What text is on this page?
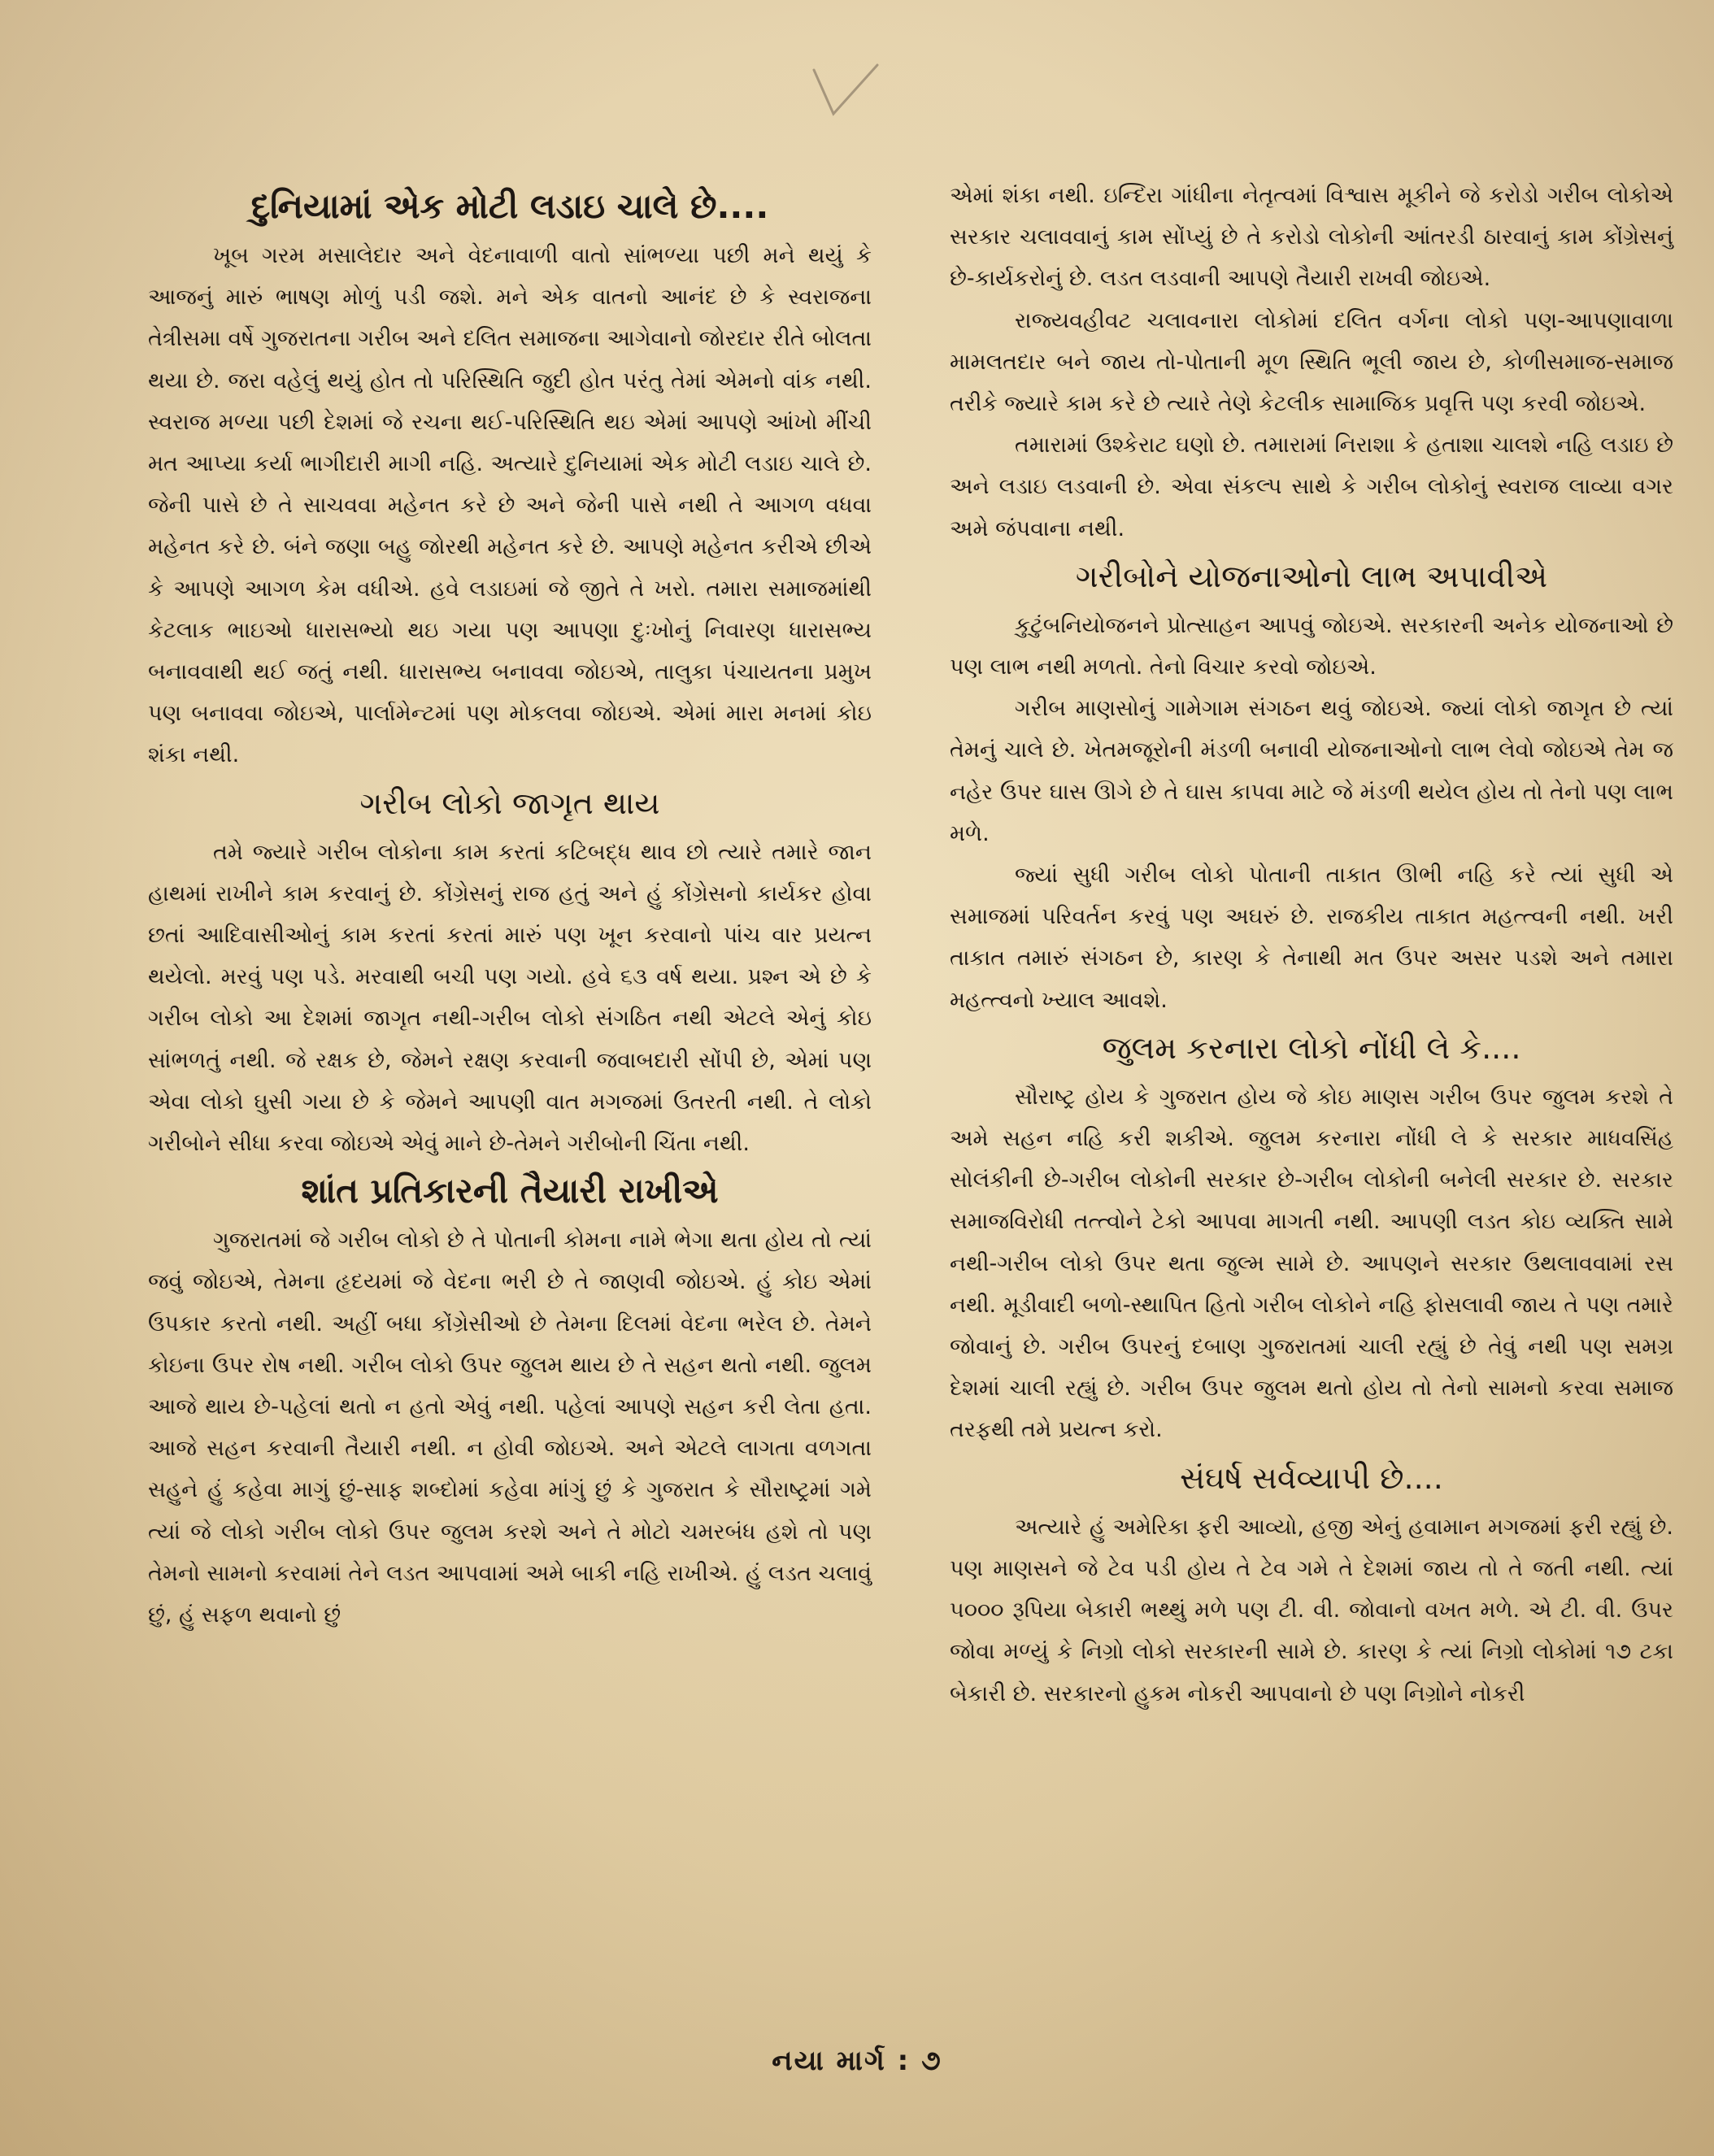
દુનિયામાં એક મોટી લડાઇ ચાલે છે....

ખૂબ ગરમ મસાલેદાર અને વેદનાવાળી વાતો સાંભળ્યા પછી મને થયું કે આજનું મારું ભાષણ મોળું પડી જશે. મને એક વાતનો આનંદ છે કે સ્વરાજના તેત્રીસમા વર્ષે ગુજરાતના ગરીબ અને દલિત સમાજના આગેવાનો જોરદાર રીતે બોલતા થયા છે. જરા વહેલું થયું હોત તો પરિસ્થિતિ જુદી હોત પરંતુ તેમાં એમનો વાંક નથી. સ્વરાજ મળ્યા પછી દેશમાં જે રચના થઈ-પરિસ્થિતિ થઇ એમાં આપણે આંખો મીંચી મત આપ્યા કર્યા ભાગીદારી માગી નહિ. અત્યારે દુનિયામાં એક મોટી લડાઇ ચાલે છે. જેની પાસે છે તે સાચવવા મહેનત કરે છે અને જેની પાસે નથી તે આગળ વધવા મહેનત કરે છે. બંને જણા બહુ જોરથી મહેનત કરે છે. આપણે મહેનત કરીએ છીએ કે આપણે આગળ કેમ વધીએ. હવે લડાઇમાં જે જીતે તે ખરો. તમારા સમાજમાંથી કેટલાક ભાઇઓ ધારાસભ્યો થઇ ગયા પણ આપણા દુઃખોનું નિવારણ ધારાસભ્ય બનાવવાથી થઈ જતું નથી. ધારાસભ્ય બનાવવા જોઇએ, તાલુકા પંચાયતના પ્રમુખ પણ બનાવવા જોઇએ, પાર્લામેન્ટમાં પણ મોકલવા જોઇએ. એમાં મારા મનમાં કોઇ શંકા નથી.

ગરીબ લોકો જાગૃત થાય

તમે જ્યારે ગરીબ લોકોના કામ કરતાં કટિબદ્ધ થાવ છો ત્યારે તમારે જાન હાથમાં રાખીને કામ કરવાનું છે. કોંગ્રેસનું રાજ હતું અને હું કોંગ્રેસનો કાર્યકર હોવા છતાં આદિવાસીઓનું કામ કરતાં કરતાં મારું પણ ખૂન કરવાનો પાંચ વાર પ્રયત્ન થયેલો. મરવું પણ પડે. મરવાથી બચી પણ ગયો. હવે ૬૩ વર્ષ થયા. પ્રશ્ન એ છે કે ગરીબ લોકો આ દેશમાં જાગૃત નથી-ગરીબ લોકો સંગઠિત નથી એટલે એનું કોઇ સાંભળતું નથી. જે રક્ષક છે, જેમને રક્ષણ કરવાની જવાબદારી સોંપી છે, એમાં પણ એવા લોકો ઘુસી ગયા છે કે જેમને આપણી વાત મગજમાં ઉતરતી નથી. તે લોકો ગરીબોને સીધા કરવા જોઇએ એવું માને છે-તેમને ગરીબોની ચિંતા નથી.

શાંત પ્રતિકારની તૈયારી રાખીએ

ગુજરાતમાં જે ગરીબ લોકો છે તે પોતાની કોમના નામે ભેગા થતા હોય તો ત્યાં જવું જોઇએ, તેમના હૃદયમાં જે વેદના ભરી છે તે જાણવી જોઇએ. હું કોઇ એમાં ઉપકાર કરતો નથી. અહીં બધા કોંગ્રેસીઓ છે તેમના દિલમાં વેદના ભરેલ છે. તેમને કોઇના ઉપર રોષ નથી. ગરીબ લોકો ઉપર જુલમ થાય છે તે સહન થતો નથી. જુલમ આજે થાય છે-પહેલાં થતો ન હતો એવું નથી. પહેલાં આપણે સહન કરી લેતા હતા. આજે સહન કરવાની તૈયારી નથી. ન હોવી જોઇએ. અને એટલે લાગતા વળગતા સહુને હું કહેવા માગું છું-સાફ શબ્દોમાં કહેવા માંગું છું કે ગુજરાત કે સૌરાષ્ટ્રમાં ગમે ત્યાં જે લોકો ગરીબ લોકો ઉપર જુલમ કરશે અને તે મોટો ચમરબંધ હશે તો પણ તેમનો સામનો કરવામાં તેને લડત આપવામાં અમે બાકી નહિ રાખીએ. હું લડત ચલાવું છું, હું સફળ થવાનો છું

એમાં શંકા નથી. ઇન્દિરા ગાંધીના નેતૃત્વમાં વિશ્વાસ મૂકીને જે કરોડો ગરીબ લોકોએ સરકાર ચલાવવાનું કામ સોંપ્યું છે તે કરોડો લોકોની આંતરડી ઠારવાનું કામ કોંગ્રેસનું છે-કાર્યકરોનું છે. લડત લડવાની આપણે તૈયારી રાખવી જોઇએ.

રાજ્યવહીવટ ચલાવનારા લોકોમાં દલિત વર્ગના લોકો પણ-આપણાવાળા મામલતદાર બને જાય તો-પોતાની મૂળ સ્થિતિ ભૂલી જાય છે, કોળીસમાજ-સમાજ તરીકે જ્યારે કામ કરે છે ત્યારે તેણે કેટલીક સામાજિક પ્રવૃત્તિ પણ કરવી જોઇએ.

તમારામાં ઉશ્કેરાટ ઘણો છે. તમારામાં નિરાશા કે હતાશા ચાલશે નહિ લડાઇ છે અને લડાઇ લડવાની છે. એવા સંકલ્પ સાથે કે ગરીબ લોકોનું સ્વરાજ લાવ્યા વગર અમે જંપવાના નથી.

ગરીબોને યોજનાઓનો લાભ અપાવીએ

કુટુંબનિયોજનને પ્રોત્સાહન આપવું જોઇએ. સરકારની અનેક યોજનાઓ છે પણ લાભ નથી મળતો. તેનો વિચાર કરવો જોઇએ.

ગરીબ માણસોનું ગામેગામ સંગઠન થવું જોઇએ. જ્યાં લોકો જાગૃત છે ત્યાં તેમનું ચાલે છે. ખેતમજૂરોની મંડળી બનાવી યોજનાઓનો લાભ લેવો જોઇએ તેમ જ નહેર ઉપર ઘાસ ઊગે છે તે ઘાસ કાપવા માટે જે મંડળી થયેલ હોય તો તેનો પણ લાભ મળે.

જ્યાં સુધી ગરીબ લોકો પોતાની તાકાત ઊભી નહિ કરે ત્યાં સુધી એ સમાજમાં પરિવર્તન કરવું પણ અઘરું છે. રાજકીય તાકાત મહત્ત્વની નથી. ખરી તાકાત તમારું સંગઠન છે, કારણ કે તેનાથી મત ઉપર અસર પડશે અને તમારા મહત્ત્વનો ખ્યાલ આવશે.

જુલમ કરનારા લોકો નોંધી લે કે....

સૌરાષ્ટ્ર હોય કે ગુજરાત હોય જે કોઇ માણસ ગરીબ ઉપર જુલમ કરશે તે અમે સહન નહિ કરી શકીએ. જુલમ કરનારા નોંધી લે કે સરકાર માધવસિંહ સોલંકીની છે-ગરીબ લોકોની સરકાર છે-ગરીબ લોકોની બનેલી સરકાર છે. સરકાર સમાજવિરોધી તત્ત્વોને ટેકો આપવા માગતી નથી. આપણી લડત કોઇ વ્યક્તિ સામે નથી-ગરીબ લોકો ઉપર થતા જુલ્મ સામે છે. આપણને સરકાર ઉથલાવવામાં રસ નથી. મૂડીવાદી બળો-સ્થાપિત હિતો ગરીબ લોકોને નહિ ફોસલાવી જાય તે પણ તમારે જોવાનું છે. ગરીબ ઉપરનું દબાણ ગુજરાતમાં ચાલી રહ્યું છે તેવું નથી પણ સમગ્ર દેશમાં ચાલી રહ્યું છે. ગરીબ ઉપર જુલમ થતો હોય તો તેનો સામનો કરવા સમાજ તરફથી તમે પ્રયત્ન કરો.

સંઘર્ષ સર્વવ્યાપી છે....

અત્યારે હું અમેરિકા ફરી આવ્યો, હજી એનું હવામાન મગજમાં ફરી રહ્યું છે. પણ માણસને જે ટેવ પડી હોય તે ટેવ ગમે તે દેશમાં જાય તો તે જતી નથી. ત્યાં ૫૦૦૦ રૂપિયા બેકારી ભથ્થું મળે પણ ટી. વી. જોવાનો વખત મળે. એ ટી. વી. ઉપર જોવા મળ્યું કે નિગ્રો લોકો સરકારની સામે છે. કારણ કે ત્યાં નિગ્રો લોકોમાં ૧૭ ટકા બેકારી છે. સરકારનો હુકમ નોકરી આપવાનો છે પણ નિગ્રોને નોકરી

નયા માર્ગ : ૭
